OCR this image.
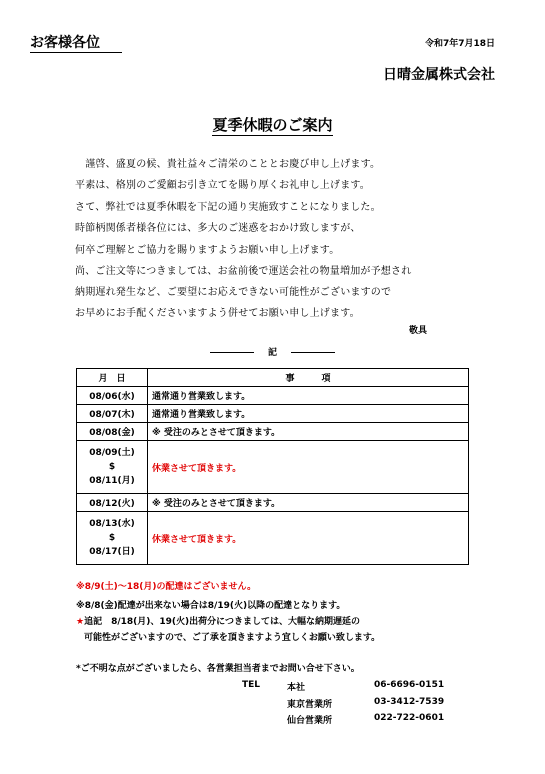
お客様各位	令和7年7月18日
日晴金属株式会社
夏季休暇のご案内
　謹啓、盛夏の候、貴社益々ご清栄のこととお慶び申し上げます。
平素は、格別のご愛顧お引き立てを賜り厚くお礼申し上げます。
さて、弊社では夏季休暇を下記の通り実施致すことになりました。
時節柄関係者様各位には、多大のご迷惑をおかけ致しますが、
何卒ご理解とご協力を賜りますようお願い申し上げます。
尚、ご注文等につきましては、お盆前後で運送会社の物量増加が予想され
納期遅れ発生など、ご要望にお応えできない可能性がございますので
お早めにお手配くださいますよう併せてお願い申し上げます。
敬具
記
月　日	事　　　項
08/06(水)	通常通り営業致します。
08/07(木)	通常通り営業致します。
08/08(金)	※ 受注のみとさせて頂きます。

08/09(土)
$
08/11(月)	休業させて頂きます。
08/12(火)	※ 受注のみとさせて頂きます。

08/13(水)
$
08/17(日)	休業させて頂きます。
※8/9(土)～18(月)の配達はございません。
※8/8(金)配達が出来ない場合は8/19(火)以降の配達となります。
★追記　8/18(月)、19(火)出荷分につきましては、大幅な納期遅延の
可能性がございますので、ご了承を頂きますよう宜しくお願い致します。
*ご不明な点がございましたら、各営業担当者までお問い合せ下さい。
TEL	本社	06-6696-0151
東京営業所	03-3412-7539
仙台営業所	022-722-0601
